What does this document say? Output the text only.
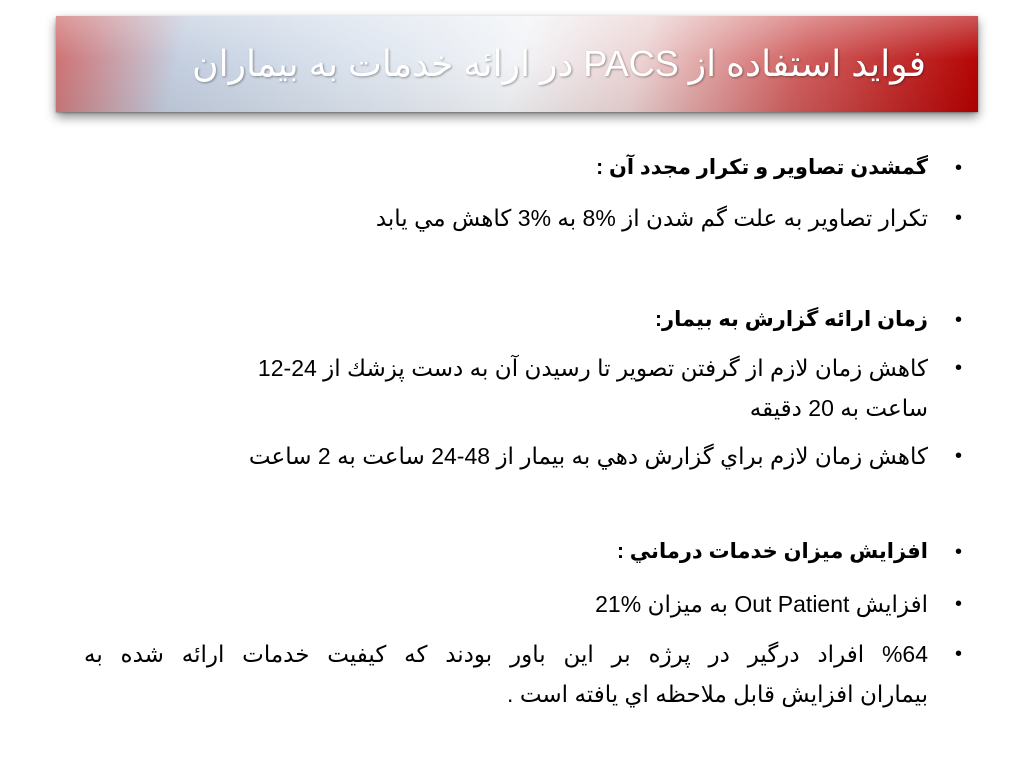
فواید استفاده از PACS در ارائه خدمات به بیماران
•
گمشدن تصاوير و تكرار مجدد آن :
•
تكرار تصاوير به علت گم شدن از %8 به %3 كاهش مي يابد
•
زمان ارائه گزارش به بيمار:
•
كاهش زمان لازم از گرفتن تصوير تا رسيدن آن به دست پزشك از 24-12
ساعت به 20 دقيقه
•
كاهش زمان لازم براي گزارش دهي به بيمار از 48-24 ساعت به 2 ساعت
•
افزايش ميزان خدمات درماني :
•
افزايش Out Patient به ميزان %21
•
%64 افراد درگير در پرژه بر اين باور بودند كه كيفيت خدمات ارائه شده به
بيماران افزايش قابل ملاحظه اي يافته است .
